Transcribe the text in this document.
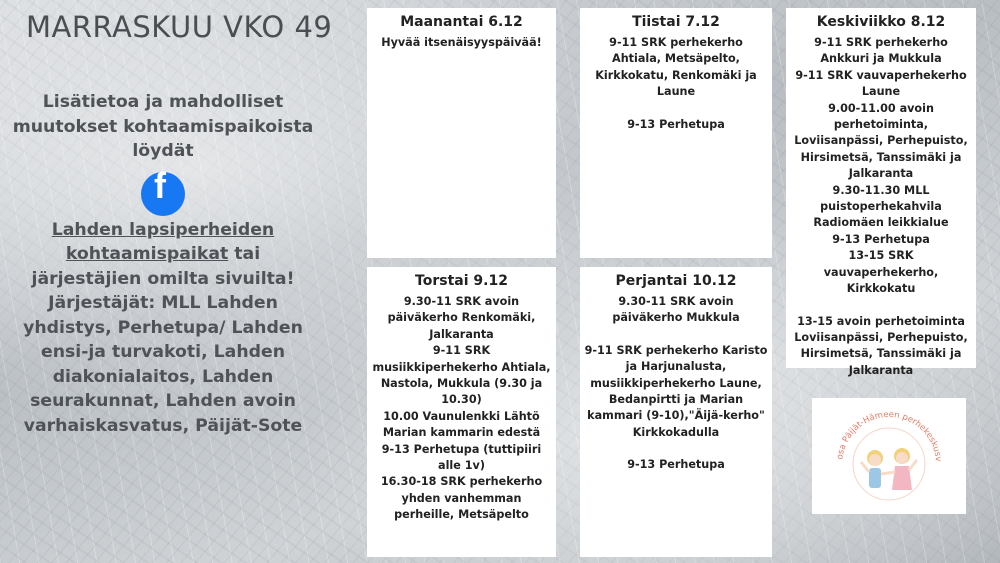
MARRASKUU VKO 49

Lisätietoa ja mahdolliset muutokset kohtaamispaikoista löydät

f

Lahden lapsiperheiden kohtaamispaikat tai järjestäjien omilta sivuilta!

Järjestäjät: MLL Lahden yhdistys, Perhetupa/ Lahden ensi-ja turvakoti, Lahden diakonialaitos, Lahden seurakunnat, Lahden avoin varhaiskasvatus, Päijät-Sote

Maanantai 6.12
Hyvää itsenäisyyspäivää!
Tiistai 7.12
9-11 SRK perhekerho Ahtiala, Metsäpelto, Kirkkokatu, Renkomäki ja Laune
9-13 Perhetupa
Keskiviikko 8.12
9-11 SRK perhekerho Ankkuri ja Mukkula
9-11 SRK vauvaperhekerho Laune
9.00-11.00 avoin perhetoiminta, Loviisanpässi, Perhepuisto, Hirsimetsä, Tanssimäki ja Jalkaranta
9.30-11.30 MLL puistoperhekahvila Radiomäen leikkialue
9-13 Perhetupa
13-15 SRK vauvaperhekerho, Kirkkokatu
13-15 avoin perhetoiminta Loviisanpässi, Perhepuisto, Hirsimetsä, Tanssimäki ja Jalkaranta
Torstai 9.12
9.30-11 SRK avoin päiväkerho Renkomäki, Jalkaranta
9-11 SRK musiikkiperhekerho Ahtiala, Nastola, Mukkula (9.30 ja 10.30)
10.00 Vaunulenkki Lähtö Marian kammarin edestä
9-13 Perhetupa (tuttipiiri alle 1v)
16.30-18 SRK perhekerho yhden vanhemman perheille, Metsäpelto
Perjantai 10.12
9.30-11 SRK avoin päiväkerho Mukkula
9-11 SRK perhekerho Karisto ja Harjunalusta, musiikkiperhekerho Laune, Bedanpirtti ja Marian kammari (9-10),"Äijä-kerho" Kirkkokadulla
9-13 Perhetupa
osa Päijät-Hämeen perhekeskusv
